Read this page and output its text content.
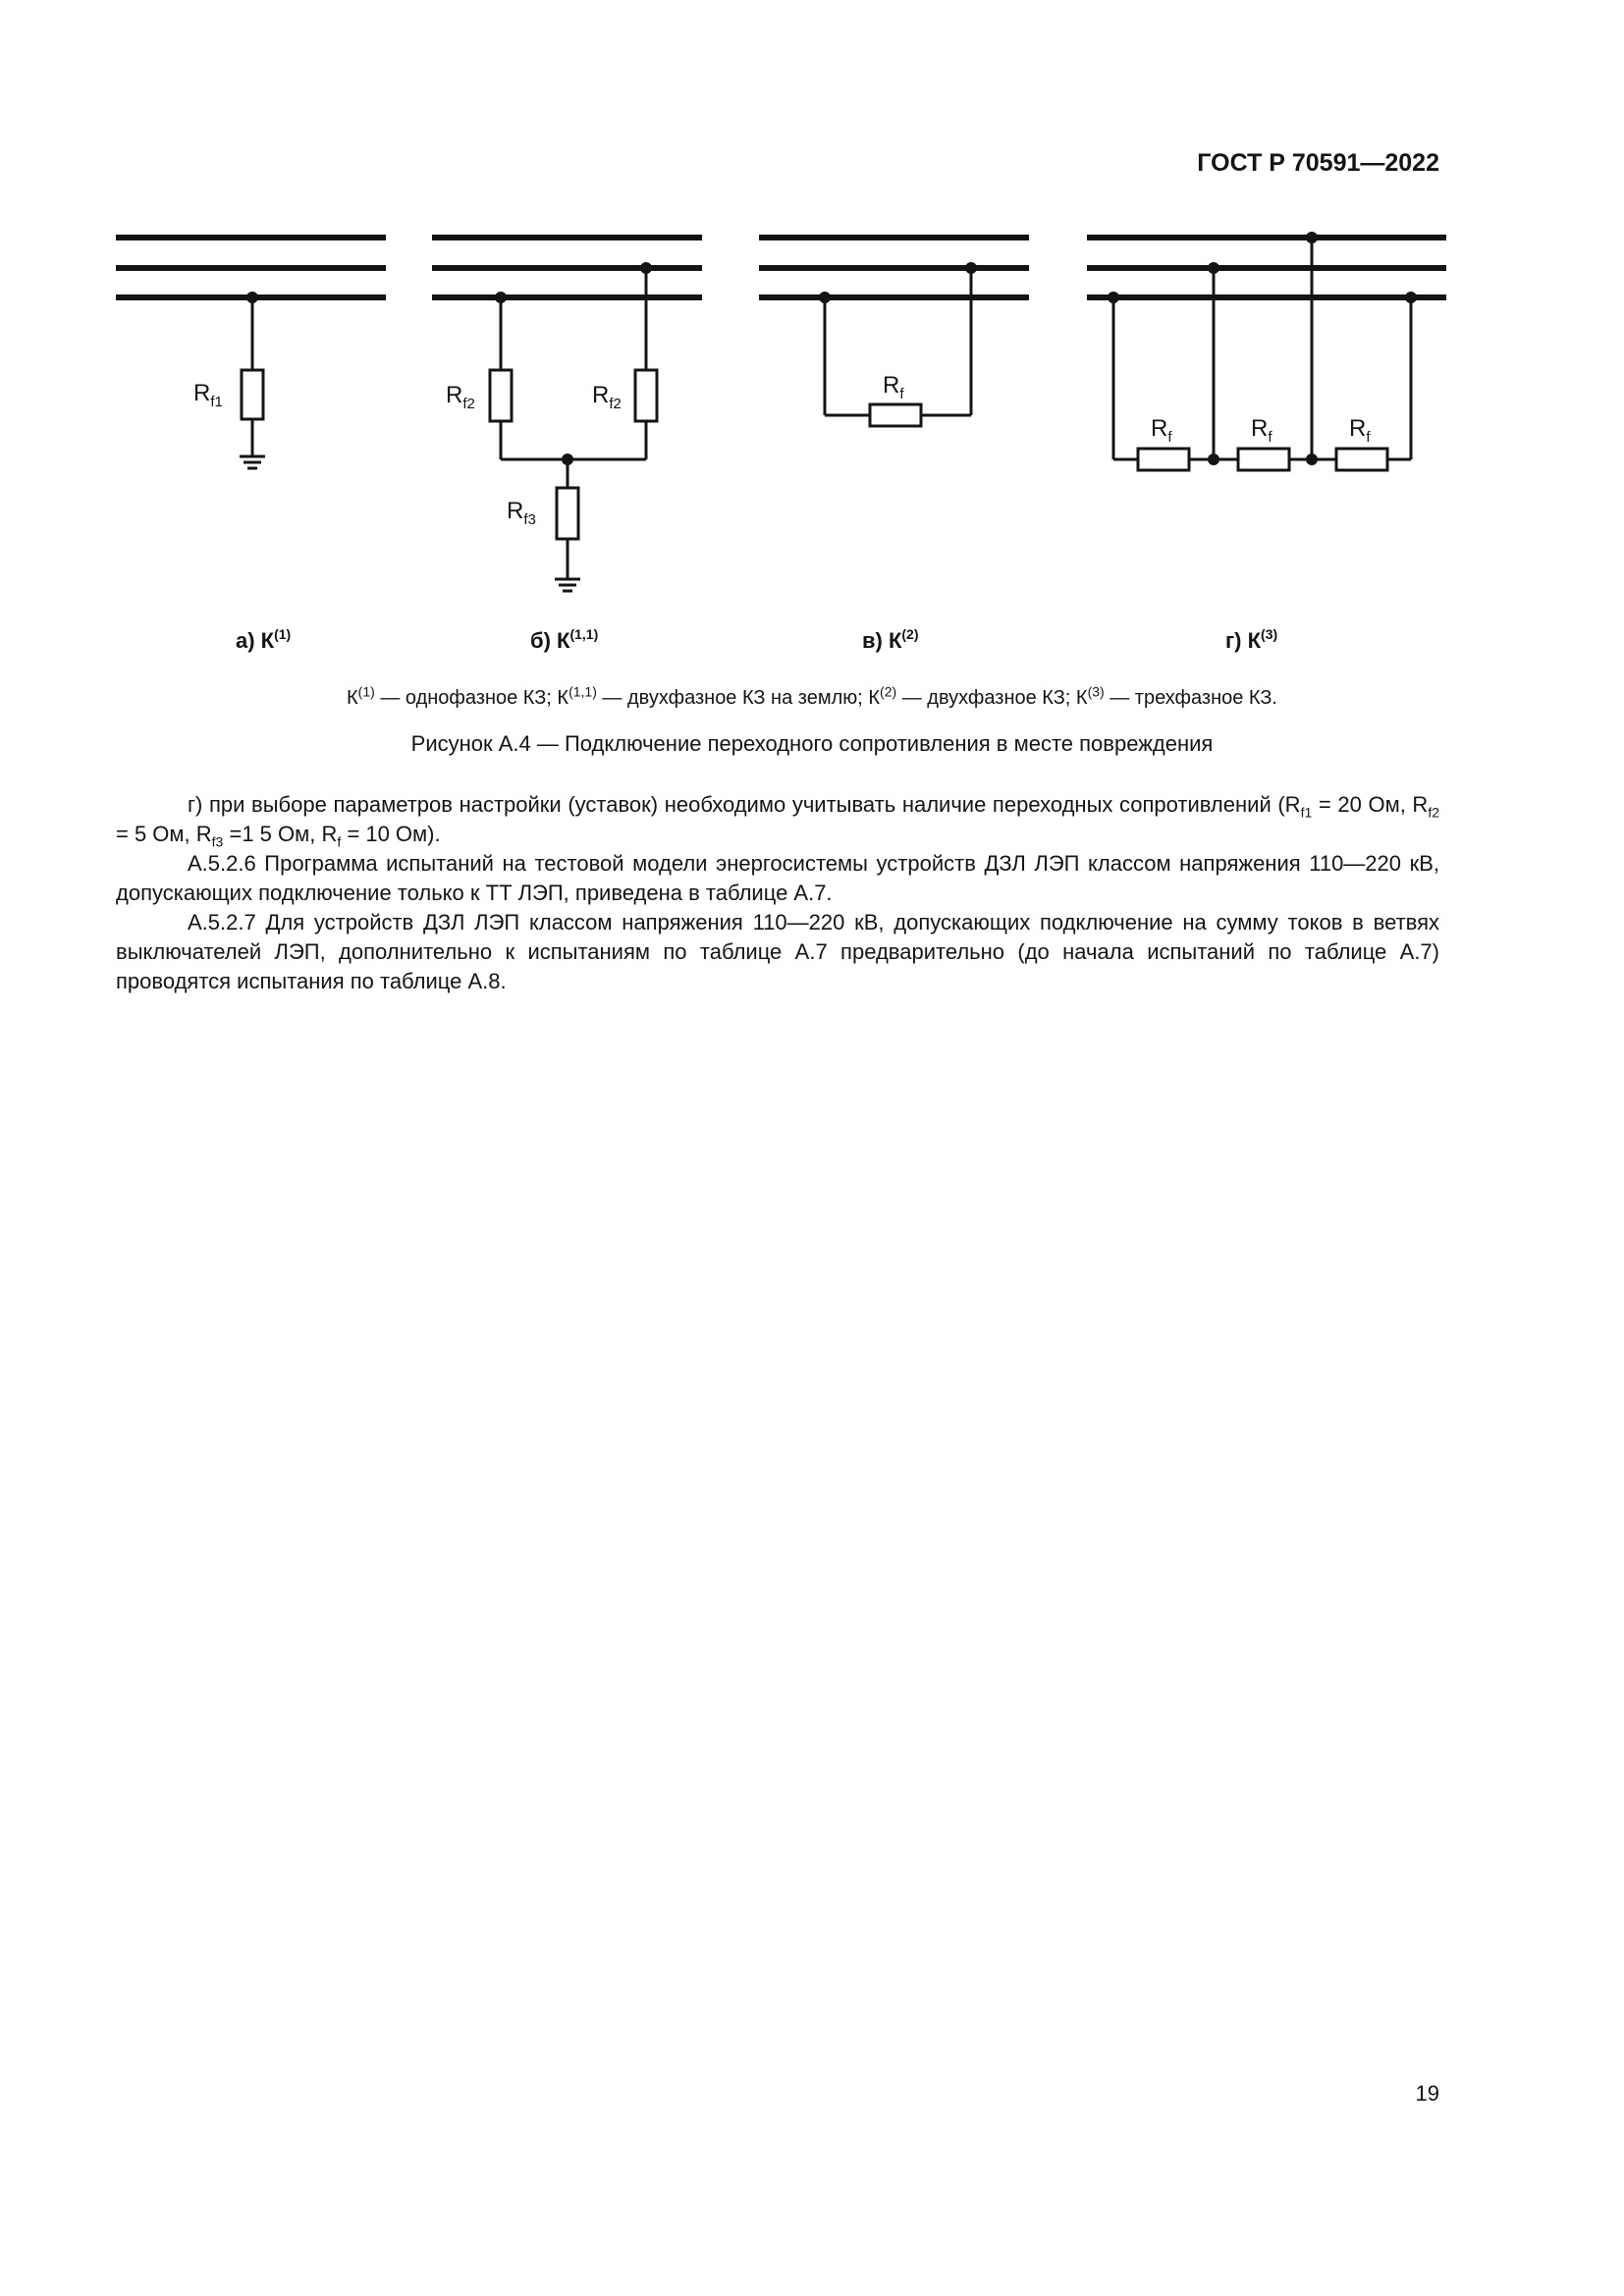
ГОСТ Р 70591—2022
$R_{f1}$	$R_{f2}$	$R_{f2}$
$R_{f3}$
$R_f$
$R_f$	$R_f$	$R_f$
а) $К^{(1)}$	б) К$^{(1,1)}$	в) $К^{(2)}$	г) $К^{(3)}$
$К^{(1)}$ — однофазное КЗ; К$^{(1,1)}$ — двухфазное КЗ на землю; $К^{(2)}$ — двухфазное КЗ; $К^{(3)}$ — трехфазное КЗ.
Рисунок А.4 — Подключение переходного сопротивления в месте повреждения

г) при выборе параметров настройки (уставок) необходимо учитывать наличие переходных сопротивлений ($R_{f1} = 20$ Ом, $R_{f2} = 5$ Ом, $R_{f3} =1$ 5 Ом, $R_f = 10$ Ом).

А.5.2.6 Программа испытаний на тестовой модели энергосистемы устройств ДЗЛ ЛЭП классом напряжения 110—220 кВ, допускающих подключение только к ТТ ЛЭП, приведена в таблице А.7.

А.5.2.7 Для устройств ДЗЛ ЛЭП классом напряжения 110—220 кВ, допускающих подключение на сумму токов в ветвях выключателей ЛЭП, дополнительно к испытаниям по таблице А.7 предварительно (до начала испытаний по таблице А.7) проводятся испытания по таблице А.8.

19
